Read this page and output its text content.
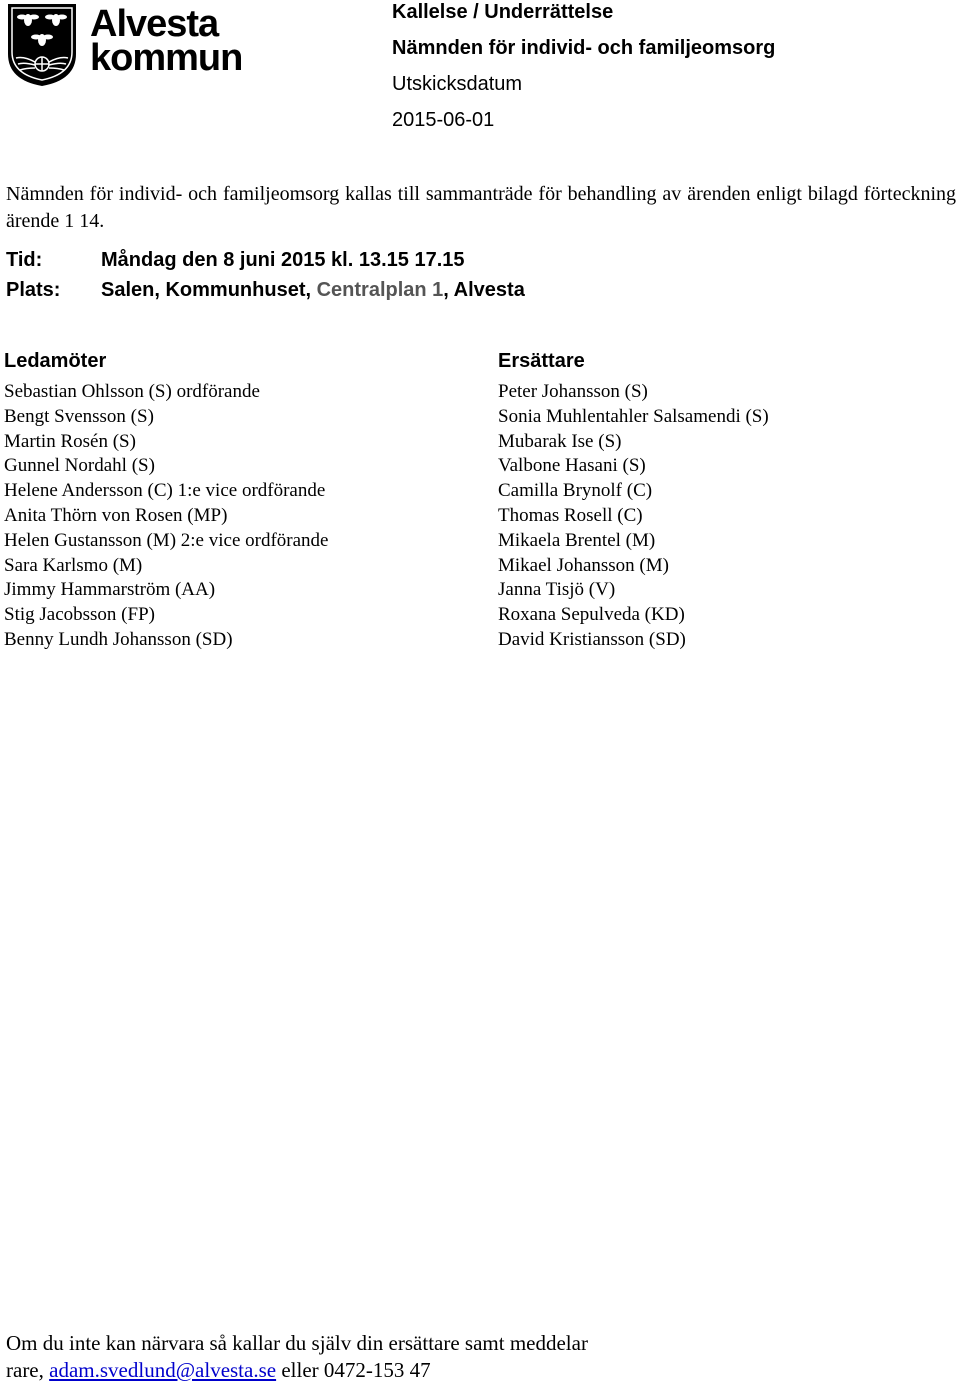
Alvesta
kommun
Kallelse / Underrättelse
Nämnden för individ- och familjeomsorg
Utskicksdatum
2015-06-01

Nämnden för individ- och familjeomsorg kallas till sammanträde för behandling av ärenden enligt bilagd förteckning ärende 1 14.

Tid:	Måndag den 8 juni 2015 kl. 13.15 17.15
Plats: Salen, Kommunhuset, Centralplan 1, Alvesta
Ledamöter
Sebastian Ohlsson (S) ordförande
Bengt Svensson (S)
Martin Rosén (S)
Gunnel Nordahl (S)
Helene Andersson (C) 1:e vice ordförande
Anita Thörn von Rosen (MP)
Helen Gustansson (M) 2:e vice ordförande
Sara Karlsmo (M)
Jimmy Hammarström (AA)
Stig Jacobsson (FP)
Benny Lundh Johansson (SD)
Ersättare
Peter Johansson (S)
Sonia Muhlentahler Salsamendi (S)
Mubarak Ise (S)
Valbone Hasani (S)
Camilla Brynolf (C)
Thomas Rosell (C)
Mikaela Brentel (M)
Mikael Johansson (M)
Janna Tisjö (V)
Roxana Sepulveda (KD)
David Kristiansson (SD)
Om du inte kan närvara så kallar du själv din ersättare samt meddelar
rare, adam.svedlund@alvesta.se eller 0472-153 47
